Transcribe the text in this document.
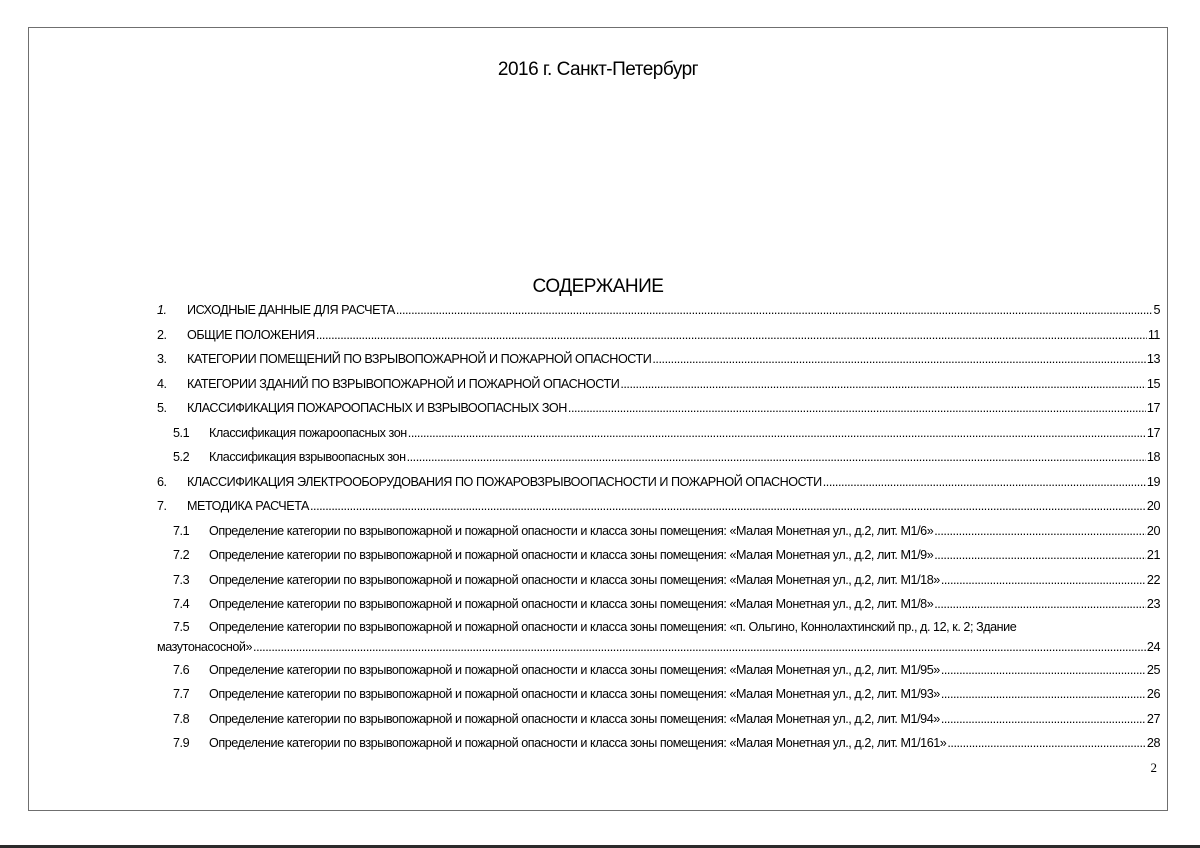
2016 г. Санкт-Петербург
СОДЕРЖАНИЕ
1.	ИСХОДНЫЕ ДАННЫЕ ДЛЯ РАСЧЕТА .....	5
2.	ОБЩИЕ ПОЛОЖЕНИЯ .....	11
3.	КАТЕГОРИИ ПОМЕЩЕНИЙ ПО ВЗРЫВОПОЖАРНОЙ И ПОЖАРНОЙ ОПАСНОСТИ .....	13
4.	КАТЕГОРИИ ЗДАНИЙ ПО ВЗРЫВОПОЖАРНОЙ И ПОЖАРНОЙ ОПАСНОСТИ .....	15
5.	КЛАССИФИКАЦИЯ ПОЖАРООПАСНЫХ И ВЗРЫВООПАСНЫХ ЗОН .....	17
5.1	Классификация пожароопасных зон .....	17
5.2	Классификация взрывоопасных зон .....	18
6.	КЛАССИФИКАЦИЯ ЭЛЕКТРООБОРУДОВАНИЯ ПО ПОЖАРОВЗРЫВООПАСНОСТИ И ПОЖАРНОЙ ОПАСНОСТИ .....	19
7.	МЕТОДИКА РАСЧЕТА .....	20
7.1	Определение категории по взрывопожарной и пожарной опасности и класса зоны помещения: «Малая Монетная ул., д.2, лит. М1/6» .....	20
7.2	Определение категории по взрывопожарной и пожарной опасности и класса зоны помещения: «Малая Монетная ул., д.2, лит. М1/9» .....	21
7.3	Определение категории по взрывопожарной и пожарной опасности и класса зоны помещения: «Малая Монетная ул., д.2, лит. М1/18» .....	22
7.4	Определение категории по взрывопожарной и пожарной опасности и класса зоны помещения: «Малая Монетная ул., д.2, лит. М1/8» .....	23
7.5	Определение категории по взрывопожарной и пожарной опасности и класса зоны помещения: «п. Ольгино, Коннолахтинский пр., д. 12, к. 2; Здание
мазутонасосной» .....	24
7.6	Определение категории по взрывопожарной и пожарной опасности и класса зоны помещения: «Малая Монетная ул., д.2, лит. М1/95» .....	25
7.7	Определение категории по взрывопожарной и пожарной опасности и класса зоны помещения: «Малая Монетная ул., д.2, лит. М1/93» .....	26
7.8	Определение категории по взрывопожарной и пожарной опасности и класса зоны помещения: «Малая Монетная ул., д.2, лит. М1/94» .....	27
7.9	Определение категории по взрывопожарной и пожарной опасности и класса зоны помещения: «Малая Монетная ул., д.2, лит. М1/161» .....	28
2
